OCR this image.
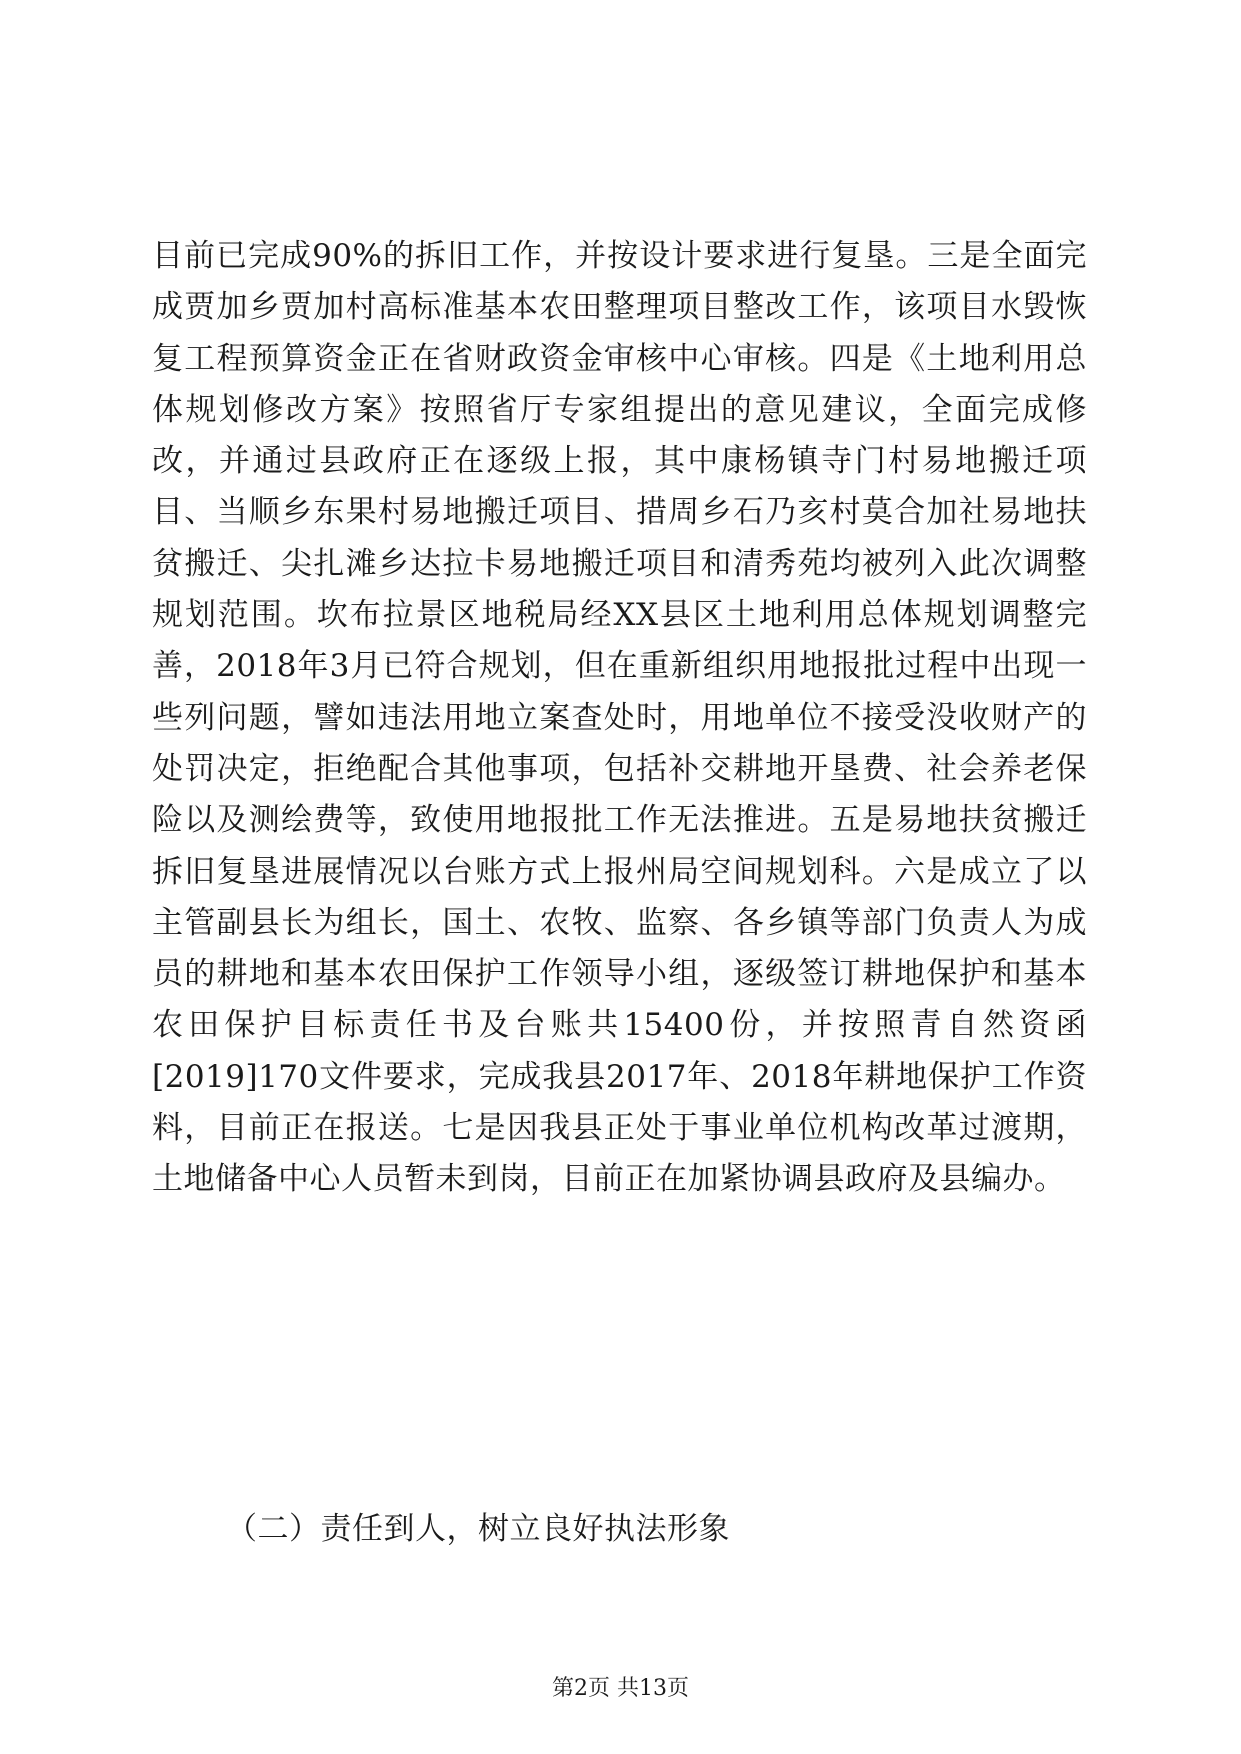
目前已完成90%的拆旧工作，并按设计要求进行复垦。三是全面完成贾加乡贾加村高标准基本农田整理项目整改工作，该项目水毁恢复工程预算资金正在省财政资金审核中心审核。四是《土地利用总体规划修改方案》按照省厅专家组提出的意见建议，全面完成修改，并通过县政府正在逐级上报，其中康杨镇寺门村易地搬迁项目、当顺乡东果村易地搬迁项目、措周乡石乃亥村莫合加社易地扶贫搬迁、尖扎滩乡达拉卡易地搬迁项目和清秀苑均被列入此次调整规划范围。坎布拉景区地税局经XX县区土地利用总体规划调整完善，2018年3月已符合规划，但在重新组织用地报批过程中出现一些列问题，譬如违法用地立案查处时，用地单位不接受没收财产的处罚决定，拒绝配合其他事项，包括补交耕地开垦费、社会养老保险以及测绘费等，致使用地报批工作无法推进。五是易地扶贫搬迁拆旧复垦进展情况以台账方式上报州局空间规划科。六是成立了以主管副县长为组长，国土、农牧、监察、各乡镇等部门负责人为成员的耕地和基本农田保护工作领导小组，逐级签订耕地保护和基本农田保护目标责任书及台账共15400份，并按照青自然资函[2019]170文件要求，完成我县2017年、2018年耕地保护工作资料，目前正在报送。七是因我县正处于事业单位机构改革过渡期，土地储备中心人员暂未到岗，目前正在加紧协调县政府及县编办。

（二）责任到人，树立良好执法形象
第2页 共13页
